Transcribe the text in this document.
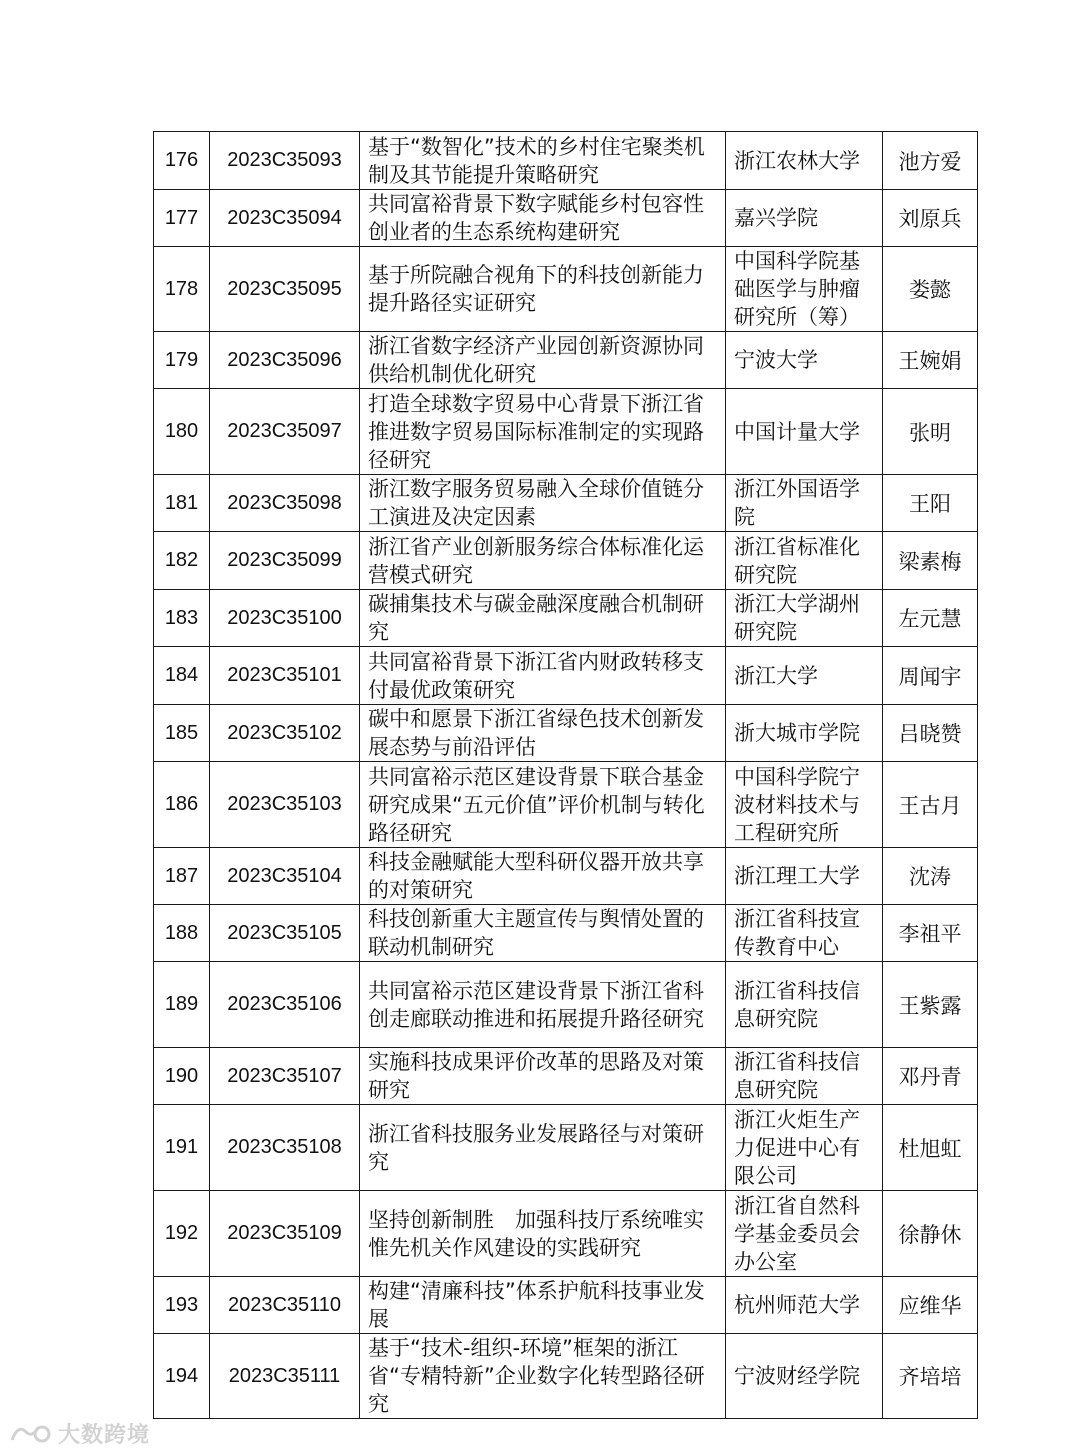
176	2023C35093	基于“数智化”技术的乡村住宅聚类机制及其节能提升策略研究	浙江农林大学	池方爱
177	2023C35094	共同富裕背景下数字赋能乡村包容性创业者的生态系统构建研究	嘉兴学院	刘原兵
178	2023C35095	基于所院融合视角下的科技创新能力提升路径实证研究	中国科学院基础医学与肿瘤研究所（筹）	娄懿
179	2023C35096	浙江省数字经济产业园创新资源协同供给机制优化研究	宁波大学	王婉娟
180	2023C35097	打造全球数字贸易中心背景下浙江省推进数字贸易国际标准制定的实现路径研究	中国计量大学	张明
181	2023C35098	浙江数字服务贸易融入全球价值链分工演进及决定因素	浙江外国语学院	王阳
182	2023C35099	浙江省产业创新服务综合体标准化运营模式研究	浙江省标准化研究院	梁素梅
183	2023C35100	碳捕集技术与碳金融深度融合机制研究	浙江大学湖州研究院	左元慧
184	2023C35101	共同富裕背景下浙江省内财政转移支付最优政策研究	浙江大学	周闻宇
185	2023C35102	碳中和愿景下浙江省绿色技术创新发展态势与前沿评估	浙大城市学院	吕晓赞
186	2023C35103	共同富裕示范区建设背景下联合基金研究成果“五元价值”评价机制与转化路径研究	中国科学院宁波材料技术与工程研究所	王古月
187	2023C35104	科技金融赋能大型科研仪器开放共享的对策研究	浙江理工大学	沈涛
188	2023C35105	科技创新重大主题宣传与舆情处置的联动机制研究	浙江省科技宣传教育中心	李祖平
189	2023C35106	共同富裕示范区建设背景下浙江省科创走廊联动推进和拓展提升路径研究	浙江省科技信息研究院	王紫露
190	2023C35107	实施科技成果评价改革的思路及对策研究	浙江省科技信息研究院	邓丹青
191	2023C35108	浙江省科技服务业发展路径与对策研究	浙江火炬生产力促进中心有限公司	杜旭虹
192	2023C35109	坚持创新制胜　加强科技厅系统唯实惟先机关作风建设的实践研究	浙江省自然科学基金委员会办公室	徐静休
193	2023C35110	构建“清廉科技”体系护航科技事业发展	杭州师范大学	应维华
194	2023C35111	基于“技术-组织-环境”框架的浙江省“专精特新”企业数字化转型路径研究	宁波财经学院	齐培培
大数跨境
